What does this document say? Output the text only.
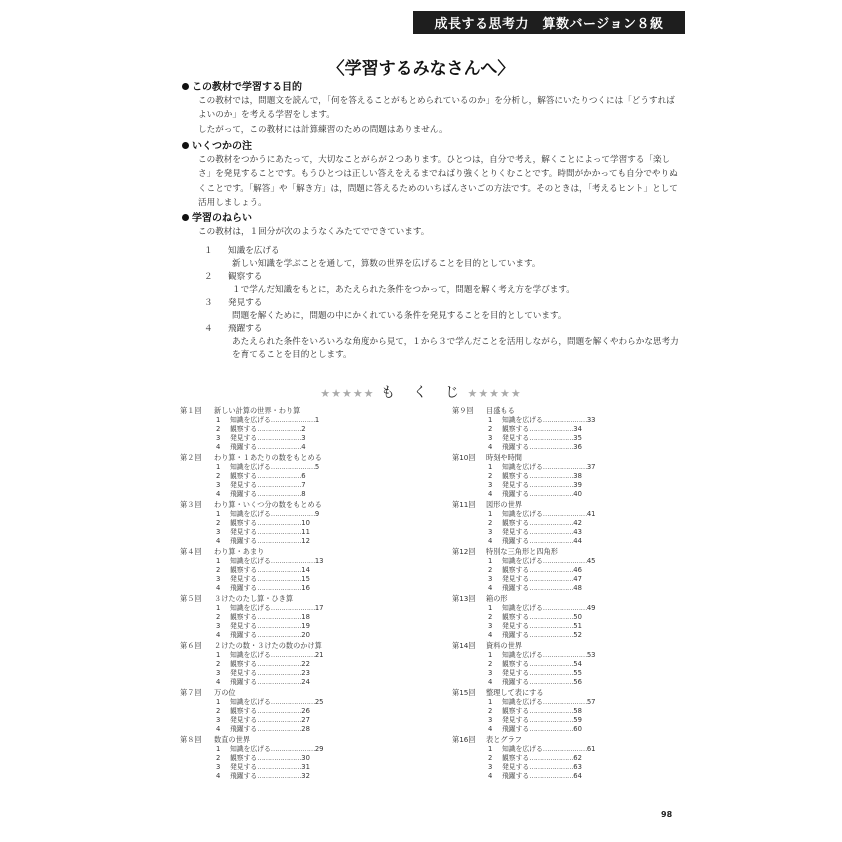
成長する思考力　算数バージョン８級
〈学習するみなさんへ〉
この教材で学習する目的
この教材では，問題文を読んで，「何を答えることがもとめられているのか」を分析し，解答にいたりつくには「どうすればよいのか」を考える学習をします。
したがって，この教材には計算練習のための問題はありません。
いくつかの注
この教材をつかうにあたって，大切なことがらが２つあります。ひとつは，自分で考え，解くことによって学習する「楽しさ」を発見することです。もうひとつは正しい答えをえるまでねばり強くとりくむことです。時間がかかっても自分でやりぬくことです。「解答」や「解き方」は，問題に答えるためのいちばんさいごの方法です。そのときは，「考えるヒント」として活用しましょう。
学習のねらい
この教材は，１回分が次のようなくみたてでできています。
１ 知識を広げる
新しい知識を学ぶことを通して，算数の世界を広げることを目的としています。
２ 観察する
１で学んだ知識をもとに，あたえられた条件をつかって，問題を解く考え方を学びます。
３ 発見する
問題を解くために，問題の中にかくれている条件を発見することを目的としています。
４ 飛躍する
あたえられた条件をいろいろな角度から見て，１から３で学んだことを活用しながら，問題を解くやわらかな思考力を育てることを目的とします。
★★★★★ も　く　じ ★★★★★
第１回 新しい計算の世界・わり算
1 知識を広げる…………………1
2 観察する…………………2
3 発見する…………………3
4 飛躍する…………………4
第２回 わり算・１あたりの数をもとめる
1 知識を広げる…………………5
2 観察する…………………6
3 発見する…………………7
4 飛躍する…………………8
第３回 わり算・いくつ分の数をもとめる
1 知識を広げる…………………9
2 観察する…………………10
3 発見する…………………11
4 飛躍する…………………12
第４回 わり算・あまり
1 知識を広げる…………………13
2 観察する…………………14
3 発見する…………………15
4 飛躍する…………………16
第５回 ３けたのたし算・ひき算
1 知識を広げる…………………17
2 観察する…………………18
3 発見する…………………19
4 飛躍する…………………20
第６回 ２けたの数・３けたの数のかけ算
1 知識を広げる…………………21
2 観察する…………………22
3 発見する…………………23
4 飛躍する…………………24
第７回 万の位
1 知識を広げる…………………25
2 観察する…………………26
3 発見する…………………27
4 飛躍する…………………28
第８回 数直の世界
1 知識を広げる…………………29
2 観察する…………………30
3 発見する…………………31
4 飛躍する…………………32
第９回 目盛もる
1 知識を広げる…………………33
2 観察する…………………34
3 発見する…………………35
4 飛躍する…………………36
第10回 時刻や時間
1 知識を広げる…………………37
2 観察する…………………38
3 発見する…………………39
4 飛躍する…………………40
第11回 図形の世界
1 知識を広げる…………………41
2 観察する…………………42
3 発見する…………………43
4 飛躍する…………………44
第12回 特別な三角形と四角形
1 知識を広げる…………………45
2 観察する…………………46
3 発見する…………………47
4 飛躍する…………………48
第13回 箱の形
1 知識を広げる…………………49
2 観察する…………………50
3 発見する…………………51
4 飛躍する…………………52
第14回 資料の世界
1 知識を広げる…………………53
2 観察する…………………54
3 発見する…………………55
4 飛躍する…………………56
第15回 整理して表にする
1 知識を広げる…………………57
2 観察する…………………58
3 発見する…………………59
4 飛躍する…………………60
第16回 表とグラフ
1 知識を広げる…………………61
2 観察する…………………62
3 発見する…………………63
4 飛躍する…………………64
98
